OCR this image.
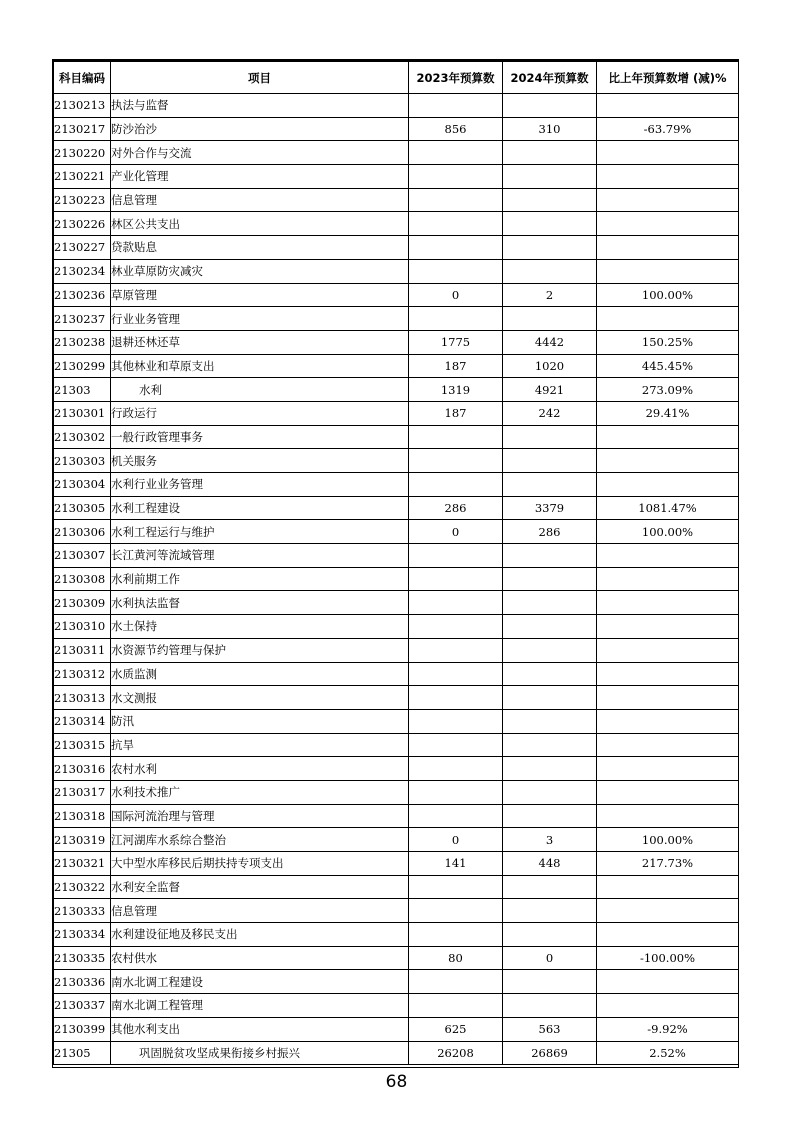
科目编码	项目	2023年预算数	2024年预算数	比上年预算数增 (减)%
2130213	执法与监督			
2130217	防沙治沙	856	310	-63.79%
2130220	对外合作与交流			
2130221	产业化管理			
2130223	信息管理			
2130226	林区公共支出			
2130227	贷款贴息			
2130234	林业草原防灾减灾			
2130236	草原管理	0	2	100.00%
2130237	行业业务管理			
2130238	退耕还林还草	1775	4442	150.25%
2130299	其他林业和草原支出	187	1020	445.45%
21303	水利	1319	4921	273.09%
2130301	行政运行	187	242	29.41%
2130302	一般行政管理事务			
2130303	机关服务			
2130304	水利行业业务管理			
2130305	水利工程建设	286	3379	1081.47%
2130306	水利工程运行与维护	0	286	100.00%
2130307	长江黄河等流域管理			
2130308	水利前期工作			
2130309	水利执法监督			
2130310	水土保持			
2130311	水资源节约管理与保护			
2130312	水质监测			
2130313	水文测报			
2130314	防汛			
2130315	抗旱			
2130316	农村水利			
2130317	水利技术推广			
2130318	国际河流治理与管理			
2130319	江河湖库水系综合整治	0	3	100.00%
2130321	大中型水库移民后期扶持专项支出	141	448	217.73%
2130322	水利安全监督			
2130333	信息管理			
2130334	水利建设征地及移民支出			
2130335	农村供水	80	0	-100.00%
2130336	南水北调工程建设			
2130337	南水北调工程管理			
2130399	其他水利支出	625	563	-9.92%
21305	巩固脱贫攻坚成果衔接乡村振兴	26208	26869	2.52%
68
